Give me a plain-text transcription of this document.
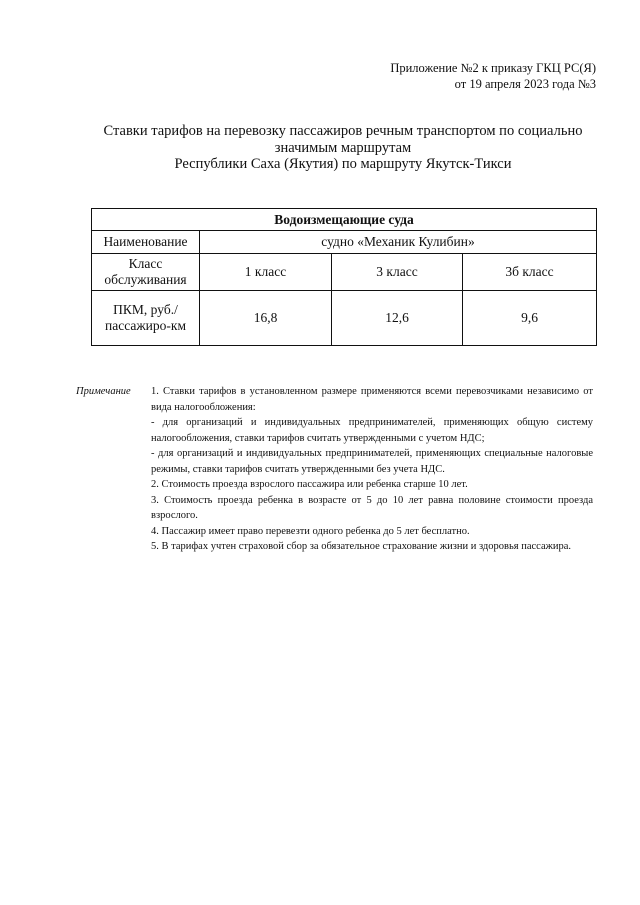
Приложение №2 к приказу ГКЦ РС(Я)
от 19 апреля 2023 года №3
Ставки тарифов на перевозку пассажиров речным транспортом по социально
значимым маршрутам
Республики Саха (Якутия) по маршруту Якутск-Тикси
Водоизмещающие суда			
Наименование	судно «Механик Кулибин»		
Класс обслуживания	1 класс	3 класс	3б класс
ПКМ, руб./пассажиро-км	16,8	12,6	9,6
Примечание 1. Ставки тарифов в установленном размере применяются всеми перевозчиками независимо от вида налогообложения:

- для организаций и индивидуальных предпринимателей, применяющих общую систему налогообложения, ставки тарифов считать утвержденными с учетом НДС;

- для организаций и индивидуальных предпринимателей, применяющих специальные налоговые режимы, ставки тарифов считать утвержденными без учета НДС.

2. Стоимость проезда взрослого пассажира или ребенка старше 10 лет.

3. Стоимость проезда ребенка в возрасте от 5 до 10 лет равна половине стоимости проезда взрослого.

4. Пассажир имеет право перевезти одного ребенка до 5 лет бесплатно.

5. В тарифах учтен страховой сбор за обязательное страхование жизни и здоровья пассажира.
